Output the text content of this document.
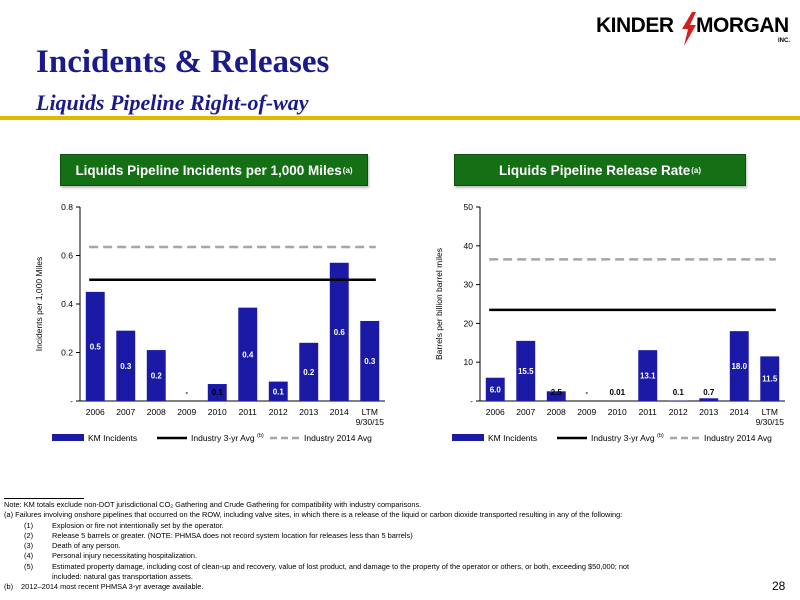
KINDER MORGAN
INC.
Incidents & Releases
Liquids Pipeline Right-of-way
Liquids Pipeline Incidents per 1,000 Miles (a)	Liquids Pipeline Release Rate (a)
-
0.2
0.4
0.6
0.8
Incidents per 1,000 Miles	0.5
0.3
0.2
-	0.1
0.4
0.1
0.2
0.6
0.3
2006 2007 2008 2009 2010 2011 2012 2013 2014	LTM 9/30/15
KM Incidents	Industry 3-yr Avg (b)	Industry 2014 Avg
-
10
20
30
40
50
Barrels per billion barrel miles
6.0
15.5
2.5	-	0.01
13.1
0.1 0.7
18.0
11.5
2006 2007 2008 2009 2010 2011 2012 2013 2014	LTM 9/30/15
KM Incidents	Industry 3-yr Avg (b)	Industry 2014 Avg
Note: KM totals exclude non-DOT jurisdictional CO₂ Gathering and Crude Gathering for compatibility with industry comparisons.
(a) Failures involving onshore pipelines that occurred on the ROW, including valve sites, in which there is a release of the liquid or carbon dioxide transported resulting in any of the following:
(1)	Explosion or fire not intentionally set by the operator.
(2)	Release 5 barrels or greater. (NOTE: PHMSA does not record system location for releases less than 5 barrels)
(3)	Death of any person.
(4)	Personal injury necessitating hospitalization.
(5)	Estimated property damage, including cost of clean-up and recovery, value of lost product, and damage to the property of the operator or others, or both, exceeding $50,000; not
included: natural gas transportation assets.
(b) 2012–2014 most recent PHMSA 3-yr average available.	28
